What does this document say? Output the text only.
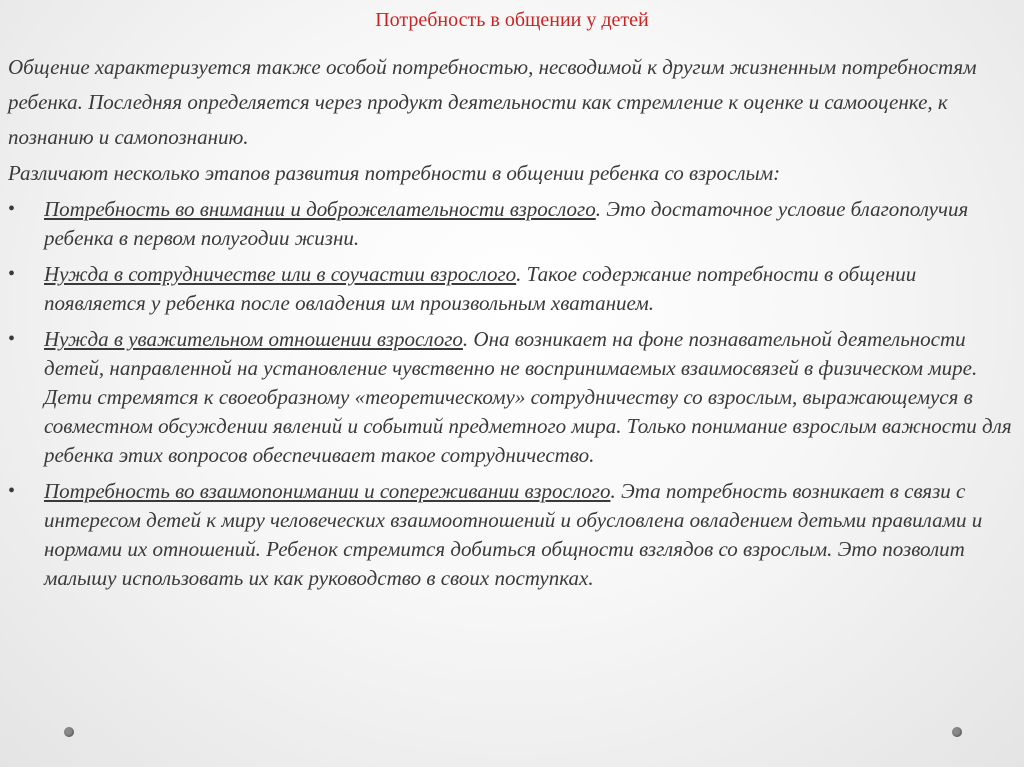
Потребность в общении у детей

Общение характеризуется также особой потребностью, несводимой к другим жизненным потребностям ребенка. Последняя определяется через продукт деятельности как стремление к оценке и самооценке, к познанию и самопознанию.

Различают несколько этапов развития потребности в общении ребенка со взрослым:

•	Потребность во внимании и доброжелательности взрослого. Это достаточное условие благополучия ребенка в первом полугодии жизни.
•	Нужда в сотрудничестве или в соучастии взрослого. Такое содержание потребности в общении появляется у ребенка после овладения им произвольным хватанием.
•	Нужда в уважительном отношении взрослого. Она возникает на фоне познавательной деятельности детей, направленной на установление чувственно не воспринимаемых взаимосвязей в физическом мире. Дети стремятся к своеобразному «теоретическому» сотрудничеству со взрослым, выражающемуся в совместном обсуждении явлений и событий предметного мира. Только понимание взрослым важности для ребенка этих вопросов обеспечивает такое сотрудничество.
•	Потребность во взаимопонимании и сопереживании взрослого. Эта потребность возникает в связи с интересом детей к миру человеческих взаимоотношений и обусловлена овладением детьми правилами и нормами их отношений. Ребенок стремится добиться общности взглядов со взрослым. Это позволит малышу использовать их как руководство в своих поступках.
